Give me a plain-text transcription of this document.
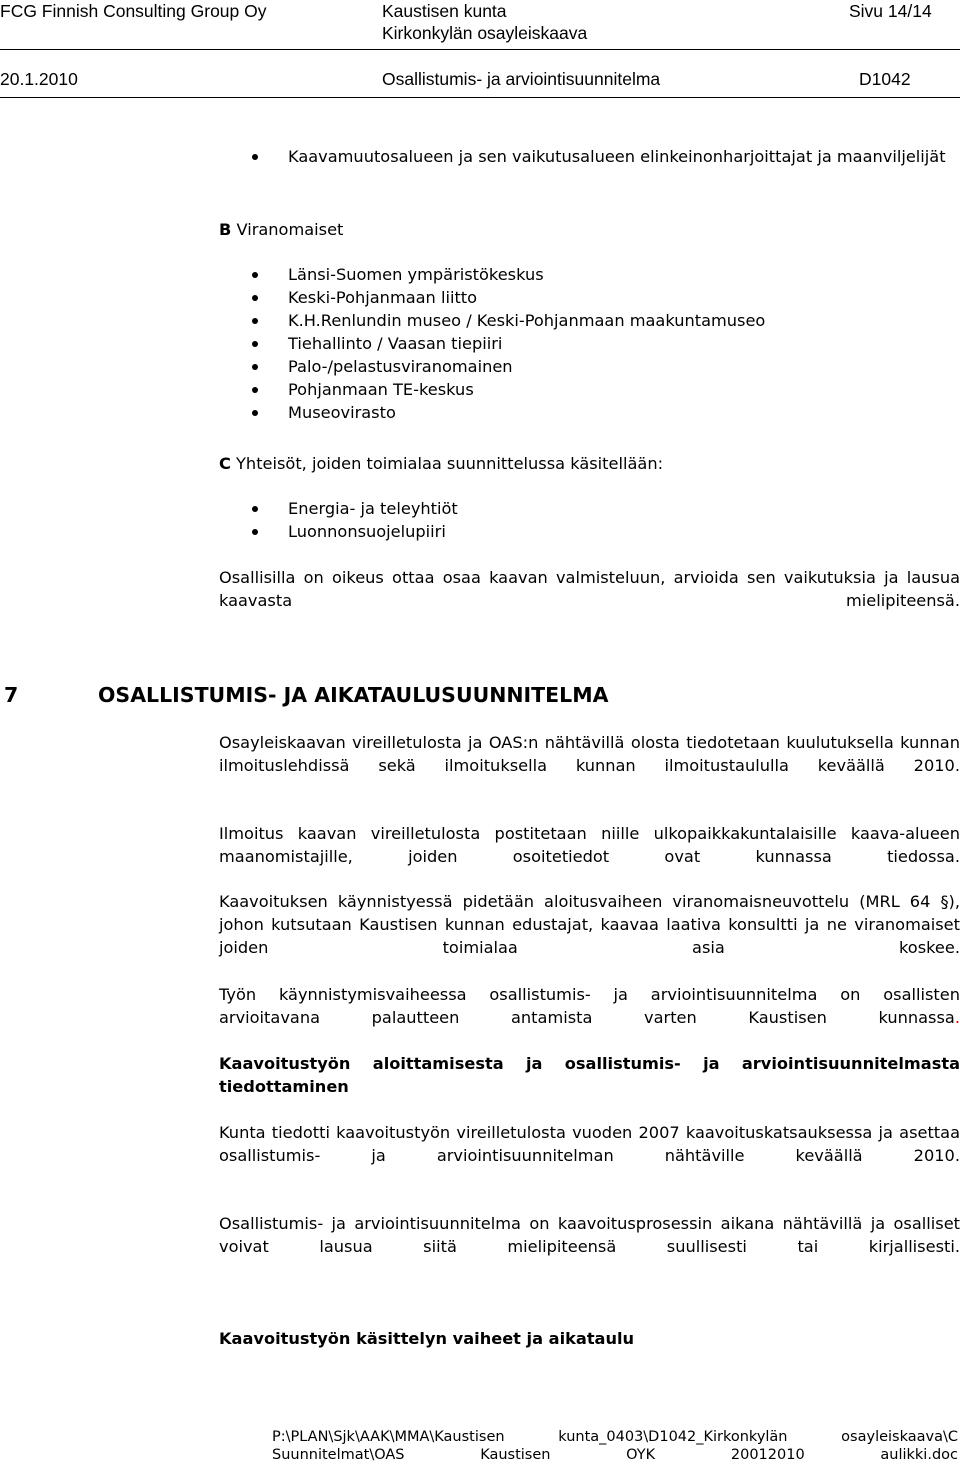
FCG Finnish Consulting Group Oy	Kaustisen kunta	Sivu 14/14
Kirkonkylän osayleiskaava
20.1.2010	Osallistumis- ja arviointisuunnitelma	D1042
Kaavamuutosalueen ja sen vaikutusalueen elinkeinonharjoittajat ja maanviljelijät
B Viranomaiset
Länsi-Suomen ympäristökeskus
Keski-Pohjanmaan liitto
K.H.Renlundin museo / Keski-Pohjanmaan maakuntamuseo
Tiehallinto / Vaasan tiepiiri
Palo-/pelastusviranomainen
Pohjanmaan TE-keskus
Museovirasto
C Yhteisöt, joiden toimialaa suunnittelussa käsitellään:
Energia- ja teleyhtiöt
Luonnonsuojelupiiri
Osallisilla on oikeus ottaa osaa kaavan valmisteluun, arvioida sen vaikutuksia ja lausua kaavasta mielipiteensä.
7	OSALLISTUMIS- JA AIKATAULUSUUNNITELMA
Osayleiskaavan vireilletulosta ja OAS:n nähtävillä olosta tiedotetaan kuulutuksella kunnan ilmoituslehdissä sekä ilmoituksella kunnan ilmoitustaululla keväällä 2010.
Ilmoitus kaavan vireilletulosta postitetaan niille ulkopaikkakuntalaisille kaava-alueen maanomistajille, joiden osoitetiedot ovat kunnassa tiedossa.
Kaavoituksen käynnistyessä pidetään aloitusvaiheen viranomaisneuvottelu (MRL 64 §), johon kutsutaan Kaustisen kunnan edustajat, kaavaa laativa konsultti ja ne viranomaiset joiden toimialaa asia koskee.
Työn käynnistymisvaiheessa osallistumis- ja arviointisuunnitelma on osallisten arvioitavana palautteen antamista varten Kaustisen kunnassa.
Kaavoitustyön aloittamisesta ja osallistumis- ja arviointisuunnitelmasta tiedottaminen
Kunta tiedotti kaavoitustyön vireilletulosta vuoden 2007 kaavoituskatsauksessa ja asettaa osallistumis- ja arviointisuunnitelman nähtäville keväällä 2010.
Osallistumis- ja arviointisuunnitelma on kaavoitusprosessin aikana nähtävillä ja osalliset voivat lausua siitä mielipiteensä suullisesti tai kirjallisesti.
Kaavoitustyön käsittelyn vaiheet ja aikataulu
P:\PLAN\Sjk\AAK\MMA\Kaustisen kunta_0403\D1042_Kirkonkylän osayleiskaava\C Suunnitelmat\OAS Kaustisen OYK 20012010 aulikki.doc
